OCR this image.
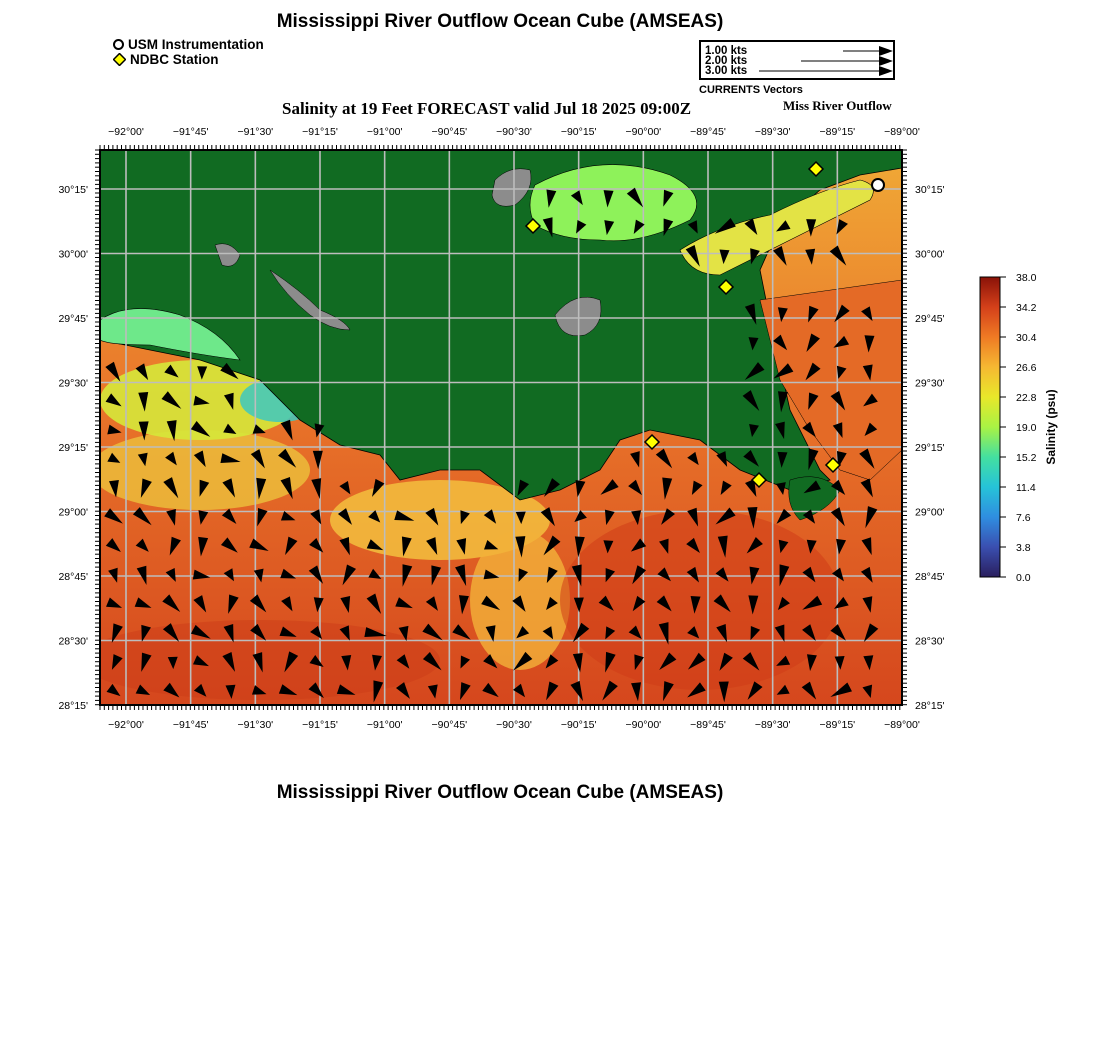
Mississippi River Outflow Ocean Cube (AMSEAS)
USM Instrumentation
NDBC Station
1.00 kts
2.00 kts
3.00 kts
CURRENTS Vectors
Salinity at 19 Feet FORECAST valid Jul 18 2025 09:00Z	Miss River Outflow
−92°00'	−91°45'	−91°30'	−91°15'	−91°00'	−90°45'	−90°30'	−90°15'	−90°00'	−89°45'	−89°30'	−89°15'	−89°00'
−92°00'	−91°45'	−91°30'	−91°15'	−91°00'	−90°45'	−90°30'	−90°15'	−90°00'	−89°45'	−89°30'	−89°15'	−89°00'
28°15'
28°30'
28°45'
29°00'
29°15'
29°30'
29°45'
30°00'
30°15'
28°15'
28°30'
28°45'
29°00'
29°15'
29°30'
29°45'
30°00'
30°15'
38.0
34.2
30.4
26.6
22.8
19.0
15.2
11.4
7.6
3.8
0.0
Salinity (psu)
Mississippi River Outflow Ocean Cube (AMSEAS)
